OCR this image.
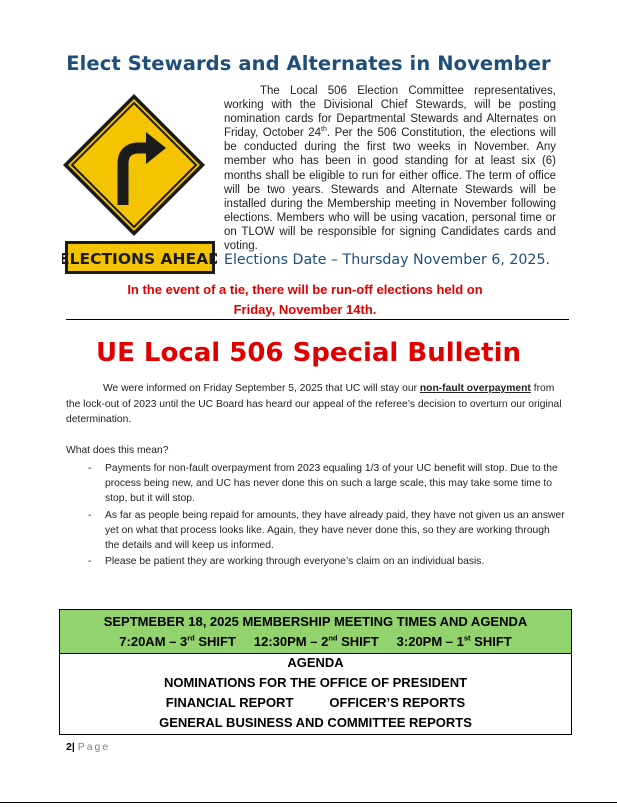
Elect Stewards and Alternates in November
ELECTIONS AHEAD
The Local 506 Election Committee representatives, working with the Divisional Chief Stewards, will be posting nomination cards for Departmental Stewards and Alternates on Friday, October 24th. Per the 506 Constitution, the elections will be conducted during the first two weeks in November. Any member who has been in good standing for at least six (6) months shall be eligible to run for either office. The term of office will be two years. Stewards and Alternate Stewards will be installed during the Membership meeting in November following elections. Members who will be using vacation, personal time or on TLOW will be responsible for signing Candidates cards and voting.
Elections Date – Thursday November 6, 2025.
In the event of a tie, there will be run-off elections held on
Friday, November 14th.
UE Local 506 Special Bulletin
We were informed on Friday September 5, 2025 that UC will stay our non-fault overpayment from the lock-out of 2023 until the UC Board has heard our appeal of the referee’s decision to overturn our original determination.
What does this mean?
- Payments for non-fault overpayment from 2023 equaling 1/3 of your UC benefit will stop. Due to the process being new, and UC has never done this on such a large scale, this may take some time to stop, but it will stop.
- As far as people being repaid for amounts, they have already paid, they have not given us an answer yet on what that process looks like. Again, they have never done this, so they are working through the details and will keep us informed.
- Please be patient they are working through everyone’s claim on an individual basis.
SEPTMEBER 18, 2025 MEMBERSHIP MEETING TIMES AND AGENDA
7:20AM – 3rd SHIFT 12:30PM – 2nd SHIFT 3:20PM – 1st SHIFT
AGENDA
NOMINATIONS FOR THE OFFICE OF PRESIDENT
FINANCIAL REPORT	OFFICER’S REPORTS
GENERAL BUSINESS AND COMMITTEE REPORTS
2| Page
